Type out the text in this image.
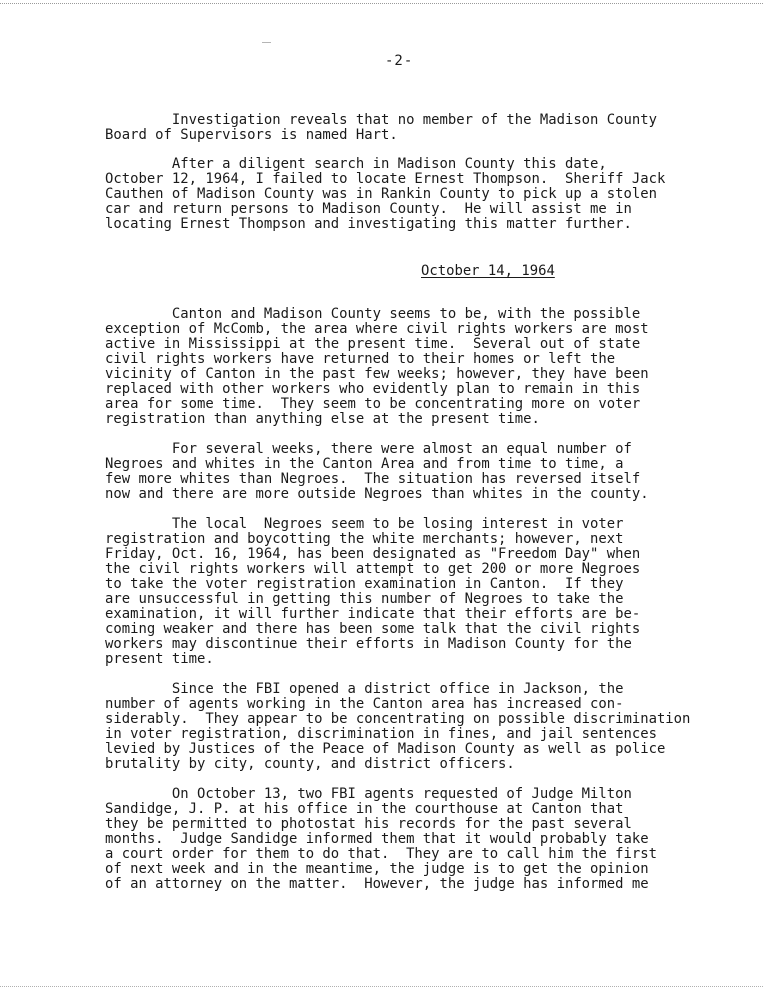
-2-
Investigation reveals that no member of the Madison County
Board of Supervisors is named Hart.
After a diligent search in Madison County this date,
October 12, 1964, I failed to locate Ernest Thompson.  Sheriff Jack
Cauthen of Madison County was in Rankin County to pick up a stolen
car and return persons to Madison County.  He will assist me in
locating Ernest Thompson and investigating this matter further.
October 14, 1964
Canton and Madison County seems to be, with the possible
exception of McComb, the area where civil rights workers are most
active in Mississippi at the present time.  Several out of state
civil rights workers have returned to their homes or left the
vicinity of Canton in the past few weeks; however, they have been
replaced with other workers who evidently plan to remain in this
area for some time.  They seem to be concentrating more on voter
registration than anything else at the present time.
For several weeks, there were almost an equal number of
Negroes and whites in the Canton Area and from time to time, a
few more whites than Negroes.  The situation has reversed itself
now and there are more outside Negroes than whites in the county.
The local  Negroes seem to be losing interest in voter
registration and boycotting the white merchants; however, next
Friday, Oct. 16, 1964, has been designated as "Freedom Day" when
the civil rights workers will attempt to get 200 or more Negroes
to take the voter registration examination in Canton.  If they
are unsuccessful in getting this number of Negroes to take the
examination, it will further indicate that their efforts are be-
coming weaker and there has been some talk that the civil rights
workers may discontinue their efforts in Madison County for the
present time.
Since the FBI opened a district office in Jackson, the
number of agents working in the Canton area has increased con-
siderably.  They appear to be concentrating on possible discrimination
in voter registration, discrimination in fines, and jail sentences
levied by Justices of the Peace of Madison County as well as police
brutality by city, county, and district officers.
On October 13, two FBI agents requested of Judge Milton
Sandidge, J. P. at his office in the courthouse at Canton that
they be permitted to photostat his records for the past several
months.  Judge Sandidge informed them that it would probably take
a court order for them to do that.  They are to call him the first
of next week and in the meantime, the judge is to get the opinion
of an attorney on the matter.  However, the judge has informed me
